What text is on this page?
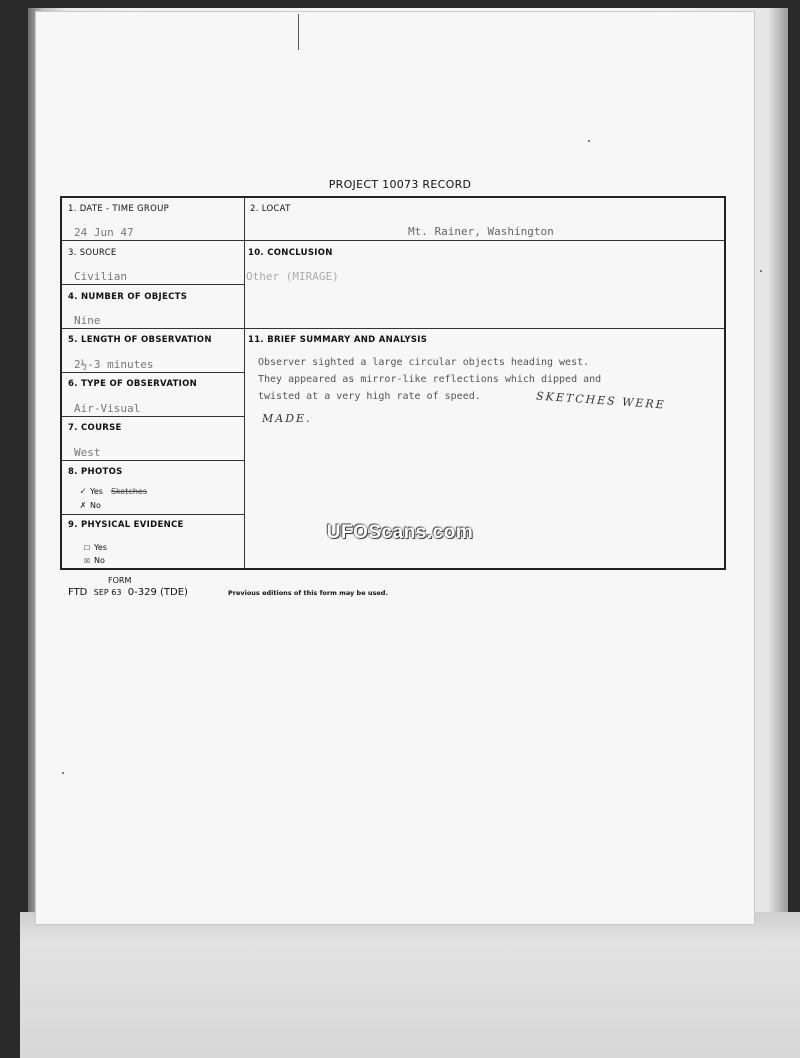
PROJECT 10073 RECORD
1. DATE - TIME GROUP
24 Jun 47
2. LOCAT
Mt. Rainer, Washington
3. SOURCE
Civilian
10. CONCLUSION
Other (MIRAGE)
4. NUMBER OF OBJECTS
Nine
5. LENGTH OF OBSERVATION
2½-3 minutes
11. BRIEF SUMMARY AND ANALYSIS
6. TYPE OF OBSERVATION
Air-Visual
7. COURSE
West
8. PHOTOS
✓ Yes Sketches
✗ No
9. PHYSICAL EVIDENCE
☐ Yes
☒ No
Observer sighted a large circular objects heading west.
They appeared as mirror-like reflections which dipped and
twisted at a very high rate of speed.	SKETCHES WERE
MADE.
UFOScans.com
FORM
FTD SEP 63 0-329 (TDE)	Previous editions of this form may be used.
